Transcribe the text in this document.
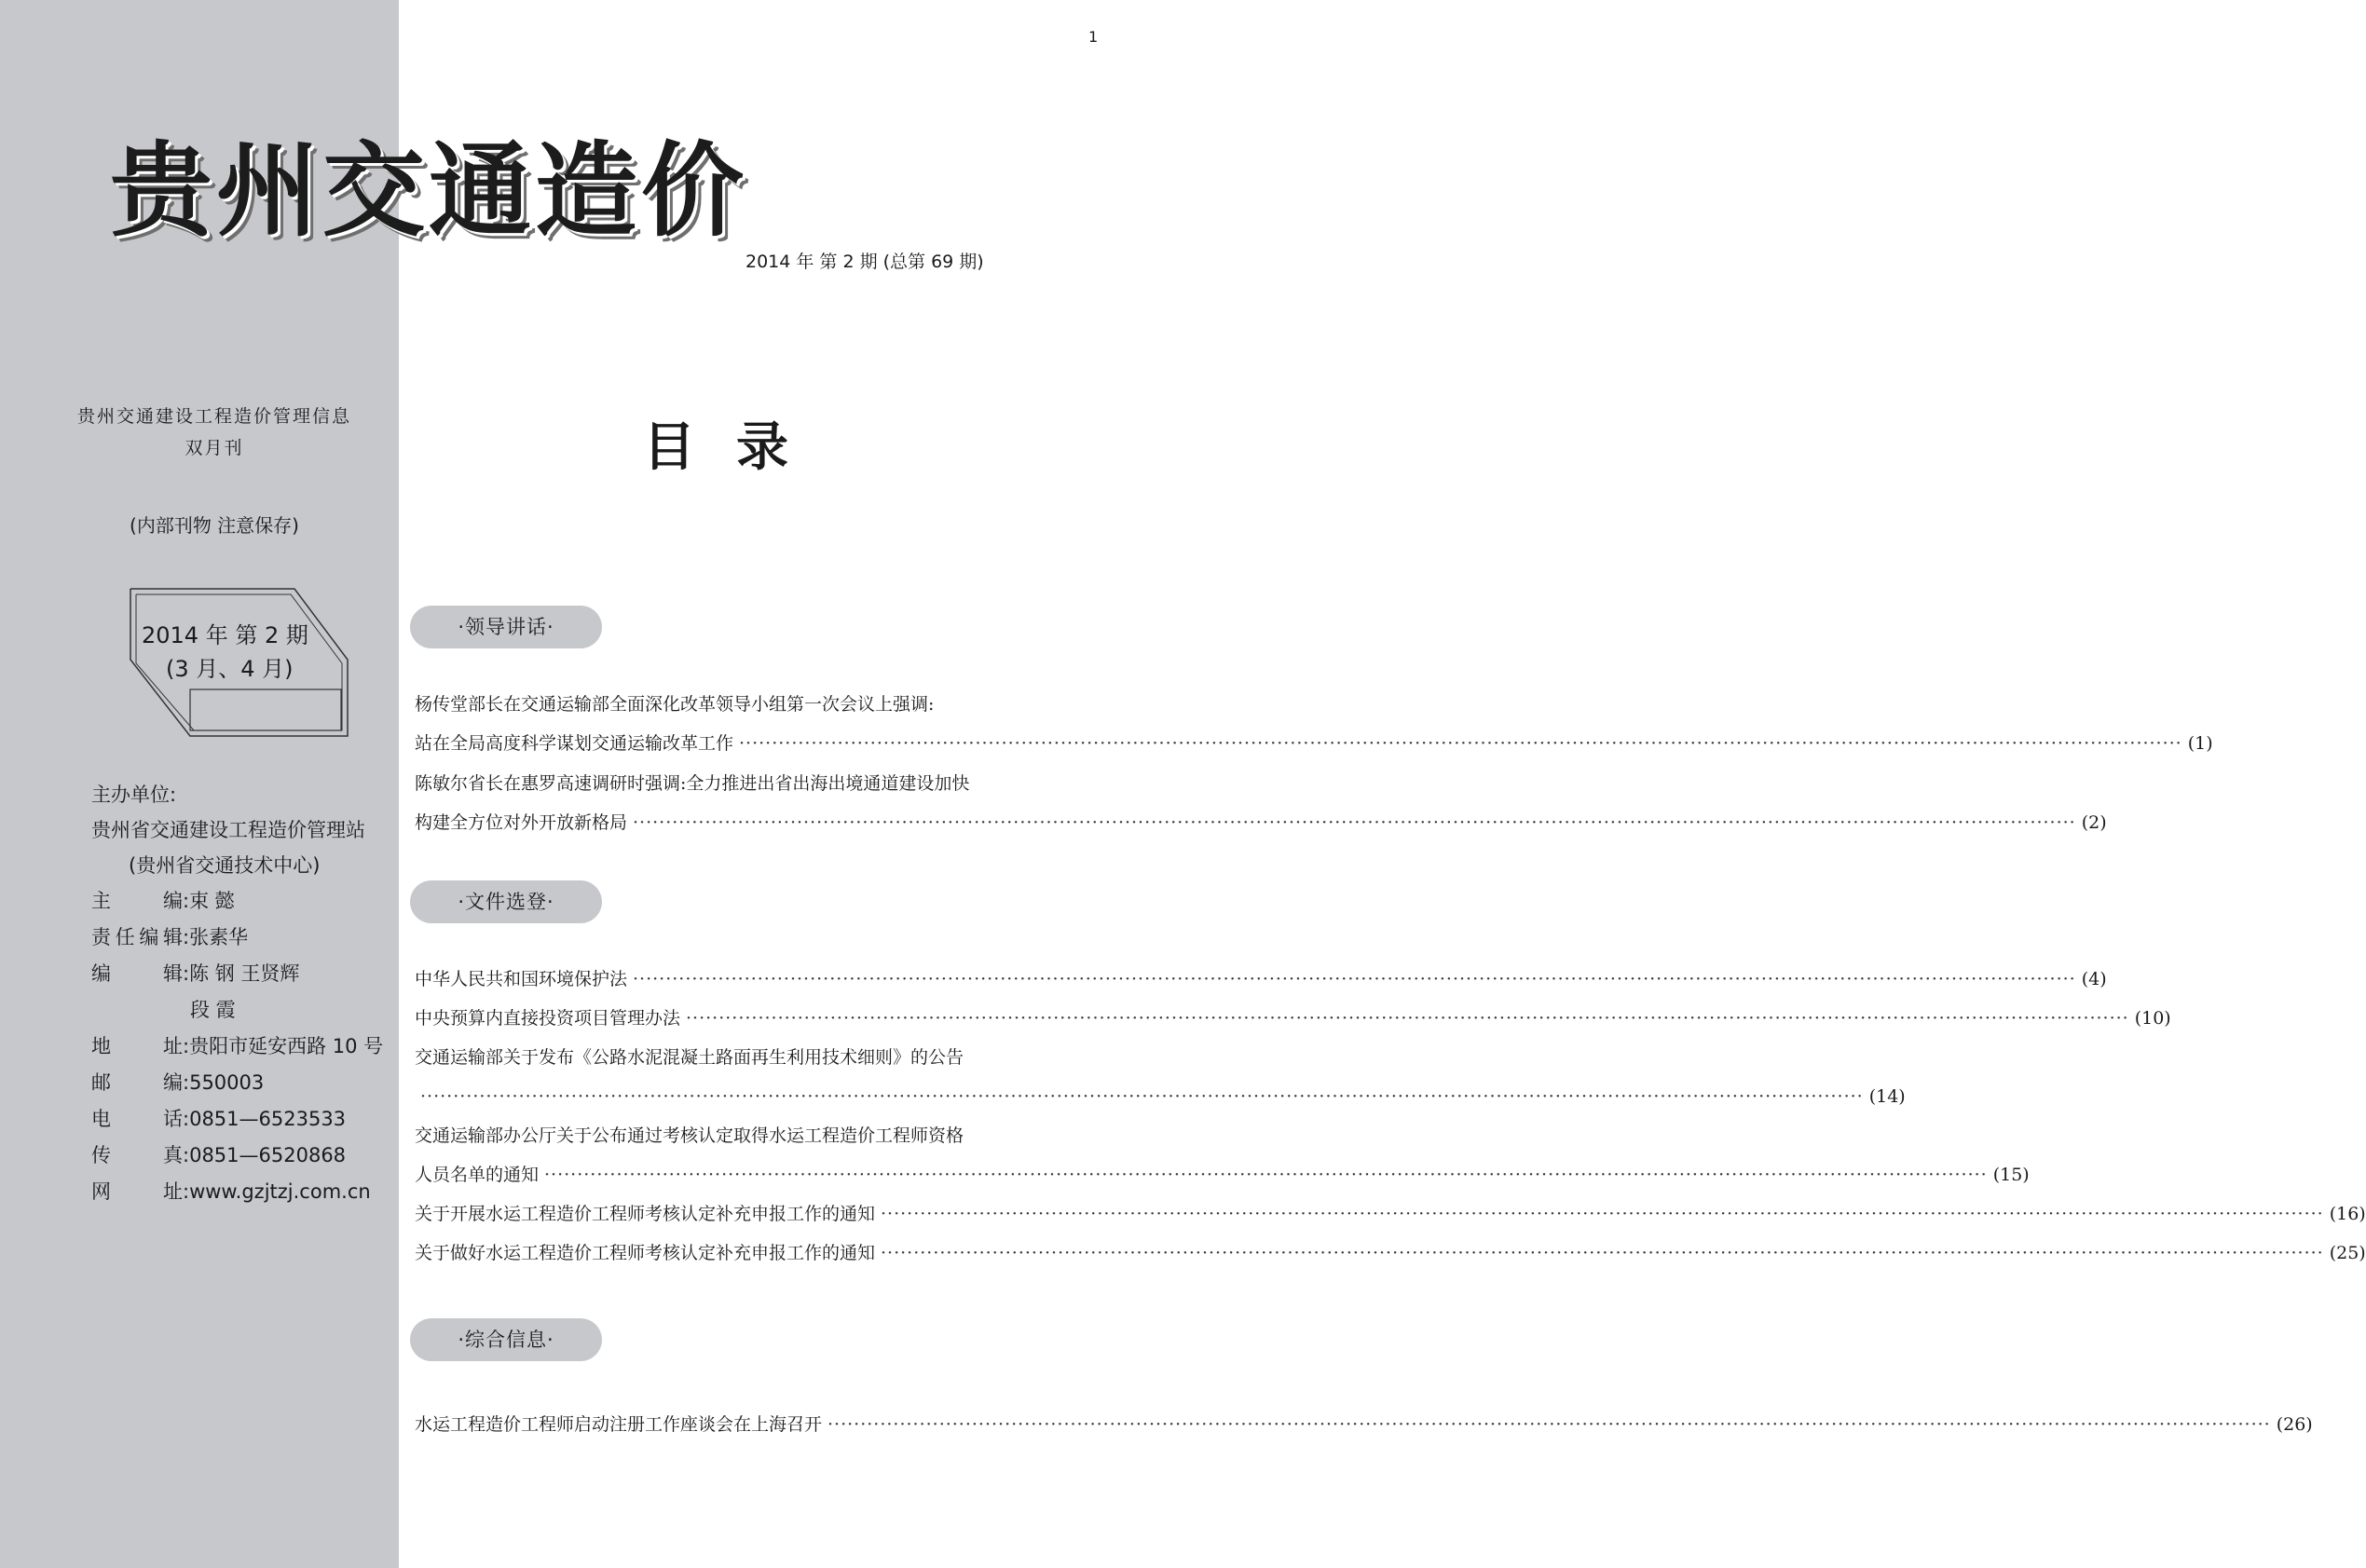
1
贵州交通造价
2014 年 第 2 期 (总第 69 期)
贵州交通建设工程造价管理信息
双月刊
(内部刊物 注意保存)
2014 年 第 2 期
(3 月、4 月)
主办单位:
贵州省交通建设工程造价管理站
(贵州省交通技术中心)
主编:束 懿
责任编辑:张素华
编辑:陈 钢 王贤辉
段 霞
地址:贵阳市延安西路 10 号
邮编:550003
电话:0851—6523533
传真:0851—6520868
网址:www.gzjtzj.com.cn
目录
·领导讲话·
杨传堂部长在交通运输部全面深化改革领导小组第一次会议上强调:
站在全局高度科学谋划交通运输改革工作 ···························································································································································································································· (1)
陈敏尔省长在惠罗高速调研时强调:全力推进出省出海出境通道建设加快
构建全方位对外开放新格局 ···························································································································································································································· (2)
·文件选登·
中华人民共和国环境保护法 ···························································································································································································································· (4)
中央预算内直接投资项目管理办法 ···························································································································································································································· (10)
交通运输部关于发布《公路水泥混凝土路面再生利用技术细则》的公告
···························································································································································································································· (14)
交通运输部办公厅关于公布通过考核认定取得水运工程造价工程师资格
人员名单的通知 ···························································································································································································································· (15)
关于开展水运工程造价工程师考核认定补充申报工作的通知 ···························································································································································································································· (16)
关于做好水运工程造价工程师考核认定补充申报工作的通知 ···························································································································································································································· (25)
·综合信息·
水运工程造价工程师启动注册工作座谈会在上海召开 ···························································································································································································································· (26)
